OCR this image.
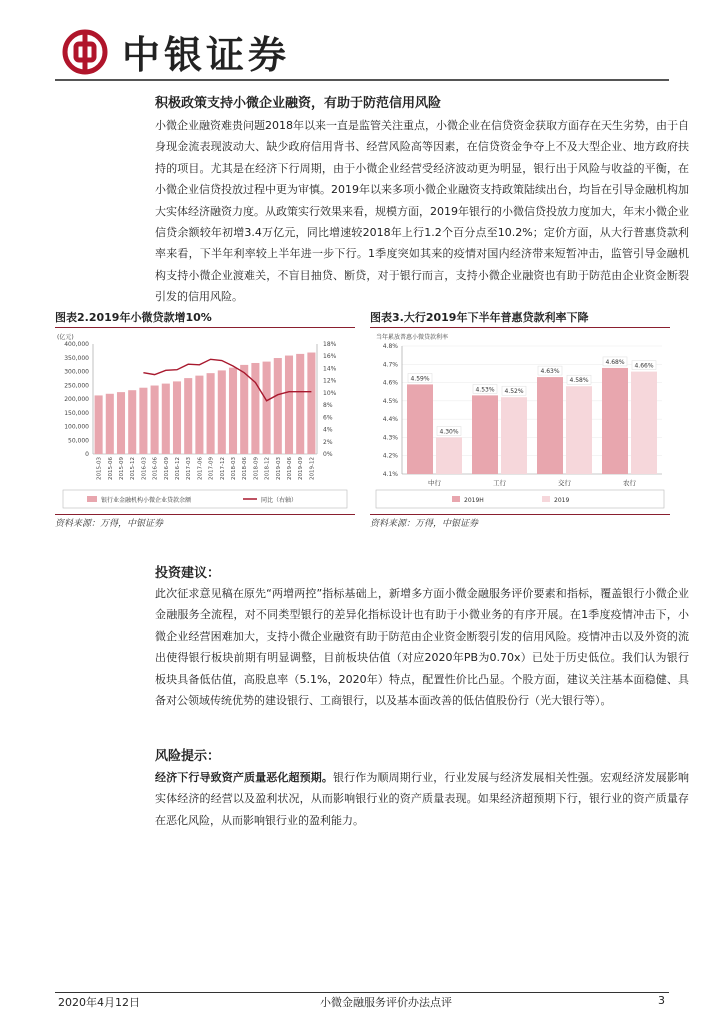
中银证券
积极政策支持小微企业融资，有助于防范信用风险
小微企业融资难贵问题2018年以来一直是监管关注重点，小微企业在信贷资金获取方面存在天生劣势，由于自身现金流表现波动大、缺少政府信用背书、经营风险高等因素，在信贷资金争夺上不及大型企业、地方政府扶持的项目。尤其是在经济下行周期，由于小微企业经营受经济波动更为明显，银行出于风险与收益的平衡，在小微企业信贷投放过程中更为审慎。2019年以来多项小微企业融资支持政策陆续出台，均旨在引导金融机构加大实体经济融资力度。从政策实行效果来看，规模方面，2019年银行的小微信贷投放力度加大，年末小微企业信贷余额较年初增3.4万亿元，同比增速较2018年上行1.2个百分点至10.2%；定价方面，从大行普惠贷款利率来看，下半年利率较上半年进一步下行。1季度突如其来的疫情对国内经济带来短暂冲击，监管引导金融机构支持小微企业渡难关，不盲目抽贷、断贷，对于银行而言，支持小微企业融资也有助于防范由企业资金断裂引发的信用风险。
图表2.2019年小微贷款增10%
(亿元)
0
50,000
100,000
150,000
200,000
250,000
300,000
350,000
400,000
0%
2%
4%
6%
8%
10%
12%
14%
16%
18%
2015-03 2015-06 2015-09 2015-12 2016-03 2016-06 2016-09 2016-12 2017-03 2017-06 2017-09 2017-12 2018-03 2018-06 2018-09 2018-12 2019-03 2019-06 2019-09 2019-12
银行业金融机构小微企业贷款余额	同比（右轴）
资料来源：万得，中银证券
图表3.大行2019年下半年普惠贷款利率下降
当年累放普惠小微贷款利率
4.1%
4.2%
4.3%
4.4%
4.5%
4.6%
4.7%
4.8%
4.59%
4.30%
中行
4.53% 4.52%
工行
4.63%
4.58%
交行
4.68%
4.66%
农行
2019H	2019
资料来源：万得，中银证券
投资建议：
此次征求意见稿在原先“两增两控”指标基础上，新增多方面小微金融服务评价要素和指标，覆盖银行小微企业金融服务全流程，对不同类型银行的差异化指标设计也有助于小微业务的有序开展。在1季度疫情冲击下，小微企业经营困难加大，支持小微企业融资有助于防范由企业资金断裂引发的信用风险。疫情冲击以及外资的流出使得银行板块前期有明显调整，目前板块估值（对应2020年PB为0.70x）已处于历史低位。我们认为银行板块具备低估值，高股息率（5.1%，2020年）特点，配置性价比凸显。个股方面，建议关注基本面稳健、具备对公领域传统优势的建设银行、工商银行，以及基本面改善的低估值股份行（光大银行等）。
风险提示：
经济下行导致资产质量恶化超预期。银行作为顺周期行业，行业发展与经济发展相关性强。宏观经济发展影响实体经济的经营以及盈利状况，从而影响银行业的资产质量表现。如果经济超预期下行，银行业的资产质量存在恶化风险，从而影响银行业的盈利能力。
2020年4月12日	小微金融服务评价办法点评	3
